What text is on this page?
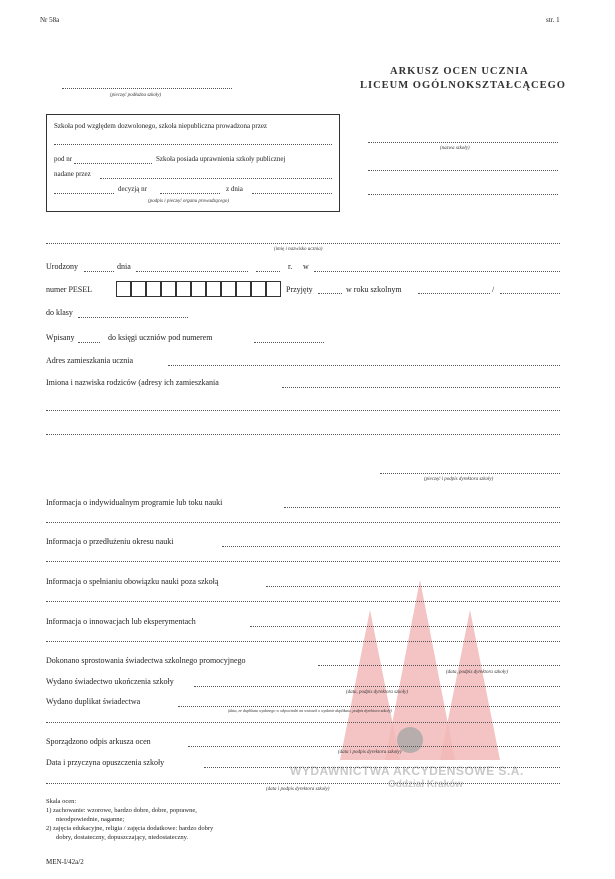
WYDAWNICTWA AKCYDENSOWE S.A.
Oddział Kraków
Nr 58a	str. 1
(pieczęć podłużna szkoły)
ARKUSZ OCEN UCZNIA
LICEUM OGÓLNOKSZTAŁCĄCEGO
Szkoła pod względem dozwolonego, szkoła niepubliczna prowadzona przez
pod nr	Szkoła posiada uprawnienia szkoły publicznej
nadane przez
decyzją nr	z dnia
(podpis i pieczęć organu prowadzącego)
(nazwa szkoły)
(imię i nazwisko ucznia)
Urodzony	dnia	r. w
numer PESEL	Przyjęty	w roku szkolnym	/
do klasy
Wpisany	do księgi uczniów pod numerem
Adres zamieszkania ucznia
Imiona i nazwiska rodziców (adresy ich zamieszkania
(pieczęć i podpis dyrektora szkoły)
Informacja o indywidualnym programie lub toku nauki
Informacja o przedłużeniu okresu nauki
Informacja o spełnianiu obowiązku nauki poza szkołą
Informacja o innowacjach lub eksperymentach
Dokonano sprostowania świadectwa szkolnego promocyjnego
(data, podpis dyrektora szkoły)
Wydano świadectwo ukończenia szkoły
(data, podpis dyrektora szkoły)
Wydano duplikat świadectwa
(data, nr duplikatu wydanego w odpowiedzi na wniosek o wydanie duplikatu, podpis dyrektora szkoły)
Sporządzono odpis arkusza ocen
(data i podpis dyrektora szkoły)
Data i przyczyna opuszczenia szkoły
(data i podpis dyrektora szkoły)
Skala ocen:
1) zachowanie: wzorowe, bardzo dobre, dobre, poprawne,
nieodpowiednie, naganne;
2) zajęcia edukacyjne, religia / zajęcia dodatkowe: bardzo dobry
dobry, dostateczny, dopuszczający, niedostateczny.
MEN-I/42a/2
